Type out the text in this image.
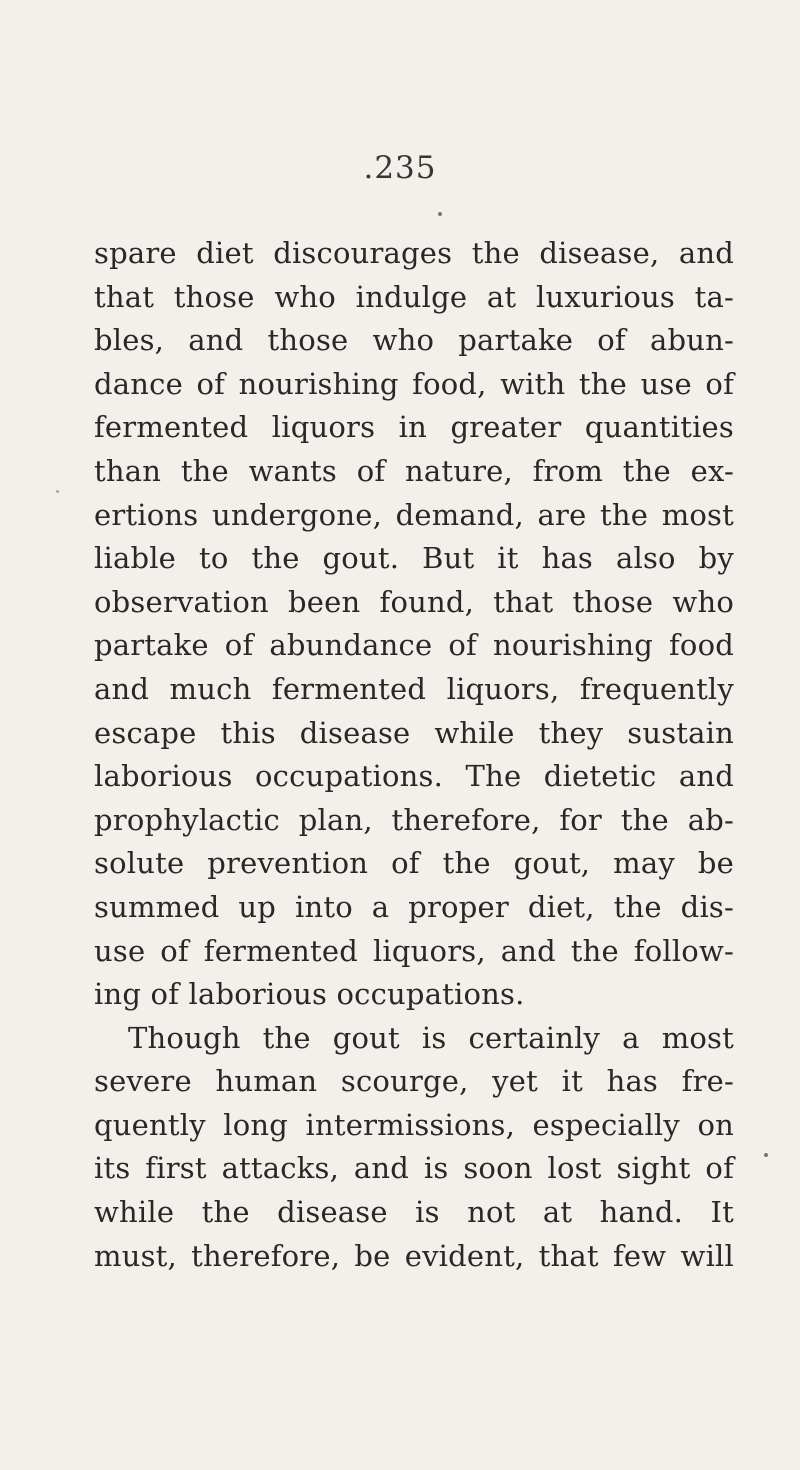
.235
spare diet discourages the disease, and
that those who indulge at luxurious ta-
bles, and those who partake of abun-
dance of nourishing food, with the use of
fermented liquors in greater quantities
than the wants of nature, from the ex-
ertions undergone, demand, are the most
liable to the gout. But it has also by
observation been found, that those who
partake of abundance of nourishing food
and much fermented liquors, frequently
escape this disease while they sustain
laborious occupations. The dietetic and
prophylactic plan, therefore, for the ab-
solute prevention of the gout, may be
summed up into a proper diet, the dis-
use of fermented liquors, and the follow-
ing of laborious occupations.
Though the gout is certainly a most
severe human scourge, yet it has fre-
quently long intermissions, especially on
its first attacks, and is soon lost sight of
while the disease is not at hand. It
must, therefore, be evident, that few will
